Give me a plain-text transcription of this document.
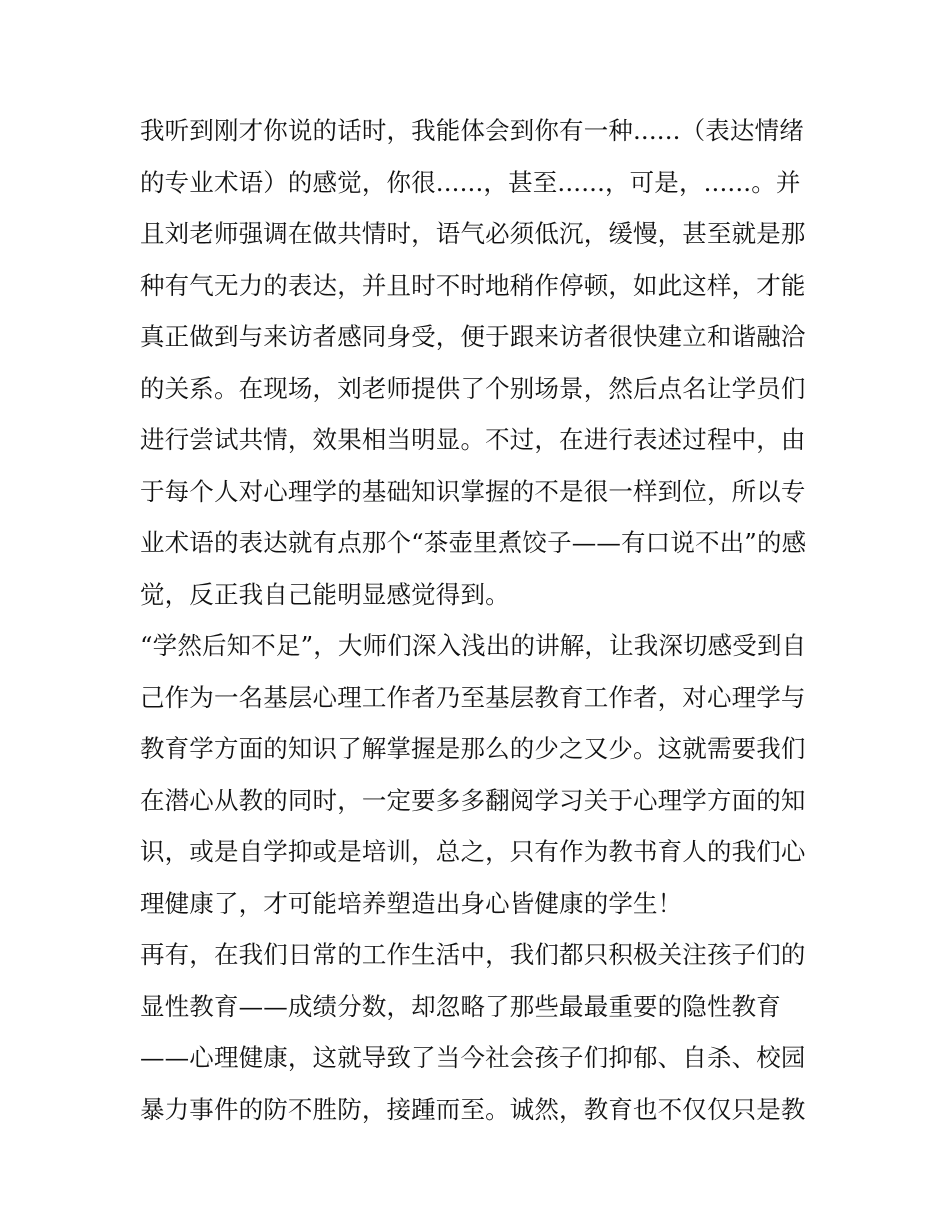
我听到刚才你说的话时，我能体会到你有一种......（表达情绪
的专业术语）的感觉，你很......，甚至......，可是，......。并
且刘老师强调在做共情时，语气必须低沉，缓慢，甚至就是那
种有气无力的表达，并且时不时地稍作停顿，如此这样，才能
真正做到与来访者感同身受，便于跟来访者很快建立和谐融洽
的关系。在现场，刘老师提供了个别场景，然后点名让学员们
进行尝试共情，效果相当明显。不过，在进行表述过程中，由
于每个人对心理学的基础知识掌握的不是很一样到位，所以专
业术语的表达就有点那个“茶壶里煮饺子——有口说不出”的感
觉，反正我自己能明显感觉得到。
“学然后知不足”，大师们深入浅出的讲解，让我深切感受到自
己作为一名基层心理工作者乃至基层教育工作者，对心理学与
教育学方面的知识了解掌握是那么的少之又少。这就需要我们
在潜心从教的同时，一定要多多翻阅学习关于心理学方面的知
识，或是自学抑或是培训，总之，只有作为教书育人的我们心
理健康了，才可能培养塑造出身心皆健康的学生！
再有，在我们日常的工作生活中，我们都只积极关注孩子们的
显性教育——成绩分数，却忽略了那些最最重要的隐性教育
——心理健康，这就导致了当今社会孩子们抑郁、自杀、校园
暴力事件的防不胜防，接踵而至。诚然，教育也不仅仅只是教
